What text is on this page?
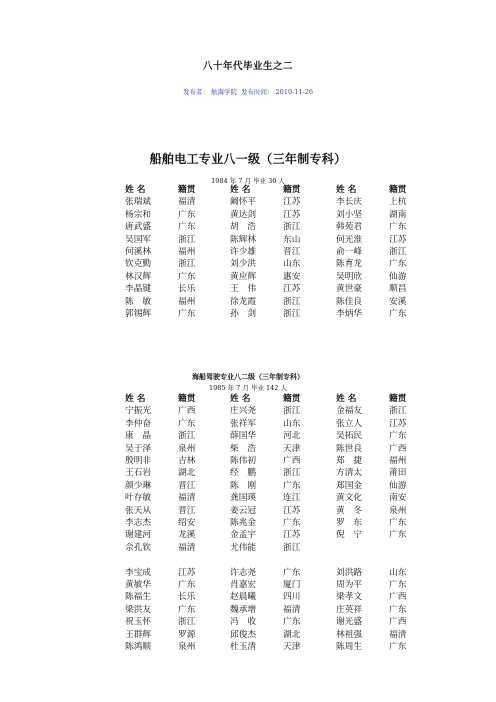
八十年代毕业生之二
发布者： 航海学院 发布时间： 2010-11-26
船舶电工专业八一级（三年制专科）
1984 年 7 月 毕业 30 人
姓 名	籍贯	姓 名	籍贯	姓 名	籍贯
张瑞斌	福清	阚怀平	江苏	李长庆	上杭
杨宗和	广东	黄达剑	江苏	刘小坚	湖南
唐武盛	广东	胡　浩	浙江	韩苑君	广东
吴国军	浙江	陈辉林	东山	何光淮	江苏
何溪林	福州	许少雄	晋江	俞一峰	浙江
钦克勤	浙江	刘少洪	山东	陈育龙	广东
林汉辉	广东	黄应辉	惠安	吴明欣	仙游
李晶键	长乐	王　伟	江苏	黄世豪	顺昌
陈　敏	福州	徐龙霞	浙江	陈佳良	安溪
郭锡辉	广东	孙　剑	浙江	李炳华	广东
海船驾驶专业八二级（三年制专科）
1985 年 7 月 毕业 142 人
姓 名	籍贯	姓 名	籍贯	姓 名	籍贯
宁振光	广西	庄兴尧	浙江	金福友	浙江
李仲奋	广东	张祥军	山东	张立人	江苏
康　晶	浙江	薛国华	河北	吴拓民	广东
吴于泽	泉州	柴　浩	天津	陈世良	广西
殷明非	吉林	陈伟初	广西	郑　捷	福州
王石岩	湖北	经　鹏	浙江	方清太	莆田
颜少琳	晋江	陈　刚	广东	郑国金	仙游
叶存敏	福清	龚国瑛	连江	黄文化	南安
张天从	晋江	姜云冠	江苏	黄　冬	泉州
李志杰	绍安	陈兆金	广东	罗　东	广东
谢建河	龙溪	金孟宇	江苏	倪　宁	广东
佘孔钦	福清	尤伟能	浙江		

李宝成	江苏	许志尧	广东	刘洪路	山东
黄敏华	广东	肖嘉宏	厦门	周为平	广东
陈福生	长乐	赵晨曦	四川	梁孝文	广西
梁洪友	广东	魏承增	福清	庄英祥	广东
祝玉怀	浙江	冯　收	广东	谢光盛	广西
王群辉	罗源	邱俊杰	湖北	林祖强	福清
陈鸿顺	泉州	杜玉清	天津	陈周生	广东
